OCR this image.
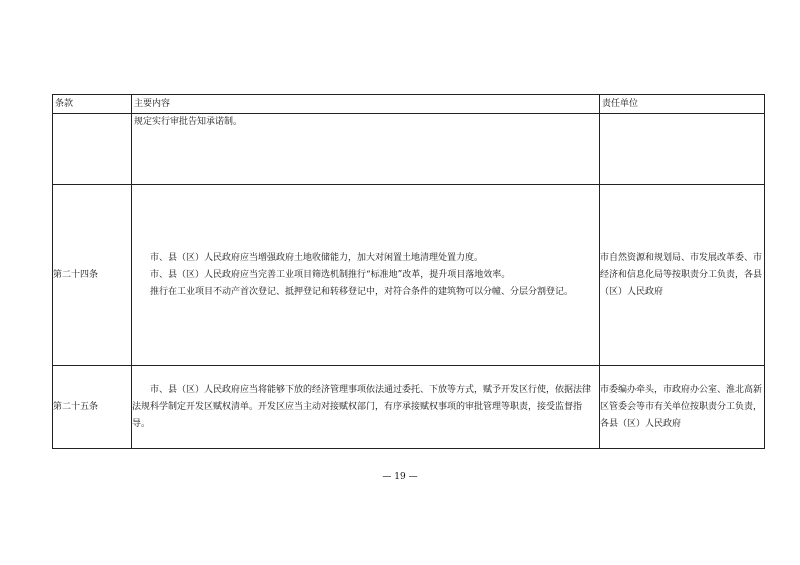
条款	主要内容	责任单位

	规定实行审批告知承诺制。	

第二十四条	市、县（区）人民政府应当增强政府土地收储能力，加大对闲置土地清理处置力度。

市、县（区）人民政府应当完善工业项目筛选机制推行“标准地”改革，提升项目落地效率。

推行在工业项目不动产首次登记、抵押登记和转移登记中，对符合条件的建筑物可以分幢、分层分割登记。	市自然资源和规划局、市发展改革委、市经济和信息化局等按职责分工负责，各县（区）人民政府
第二十五条	市、县（区）人民政府应当将能够下放的经济管理事项依法通过委托、下放等方式，赋予开发区行使，依据法律法规科学制定开发区赋权清单。开发区应当主动对接赋权部门，有序承接赋权事项的审批管理等职责，接受监督指导。	市委编办牵头，市政府办公室、淮北高新区管委会等市有关单位按职责分工负责，各县（区）人民政府
— 19 —
